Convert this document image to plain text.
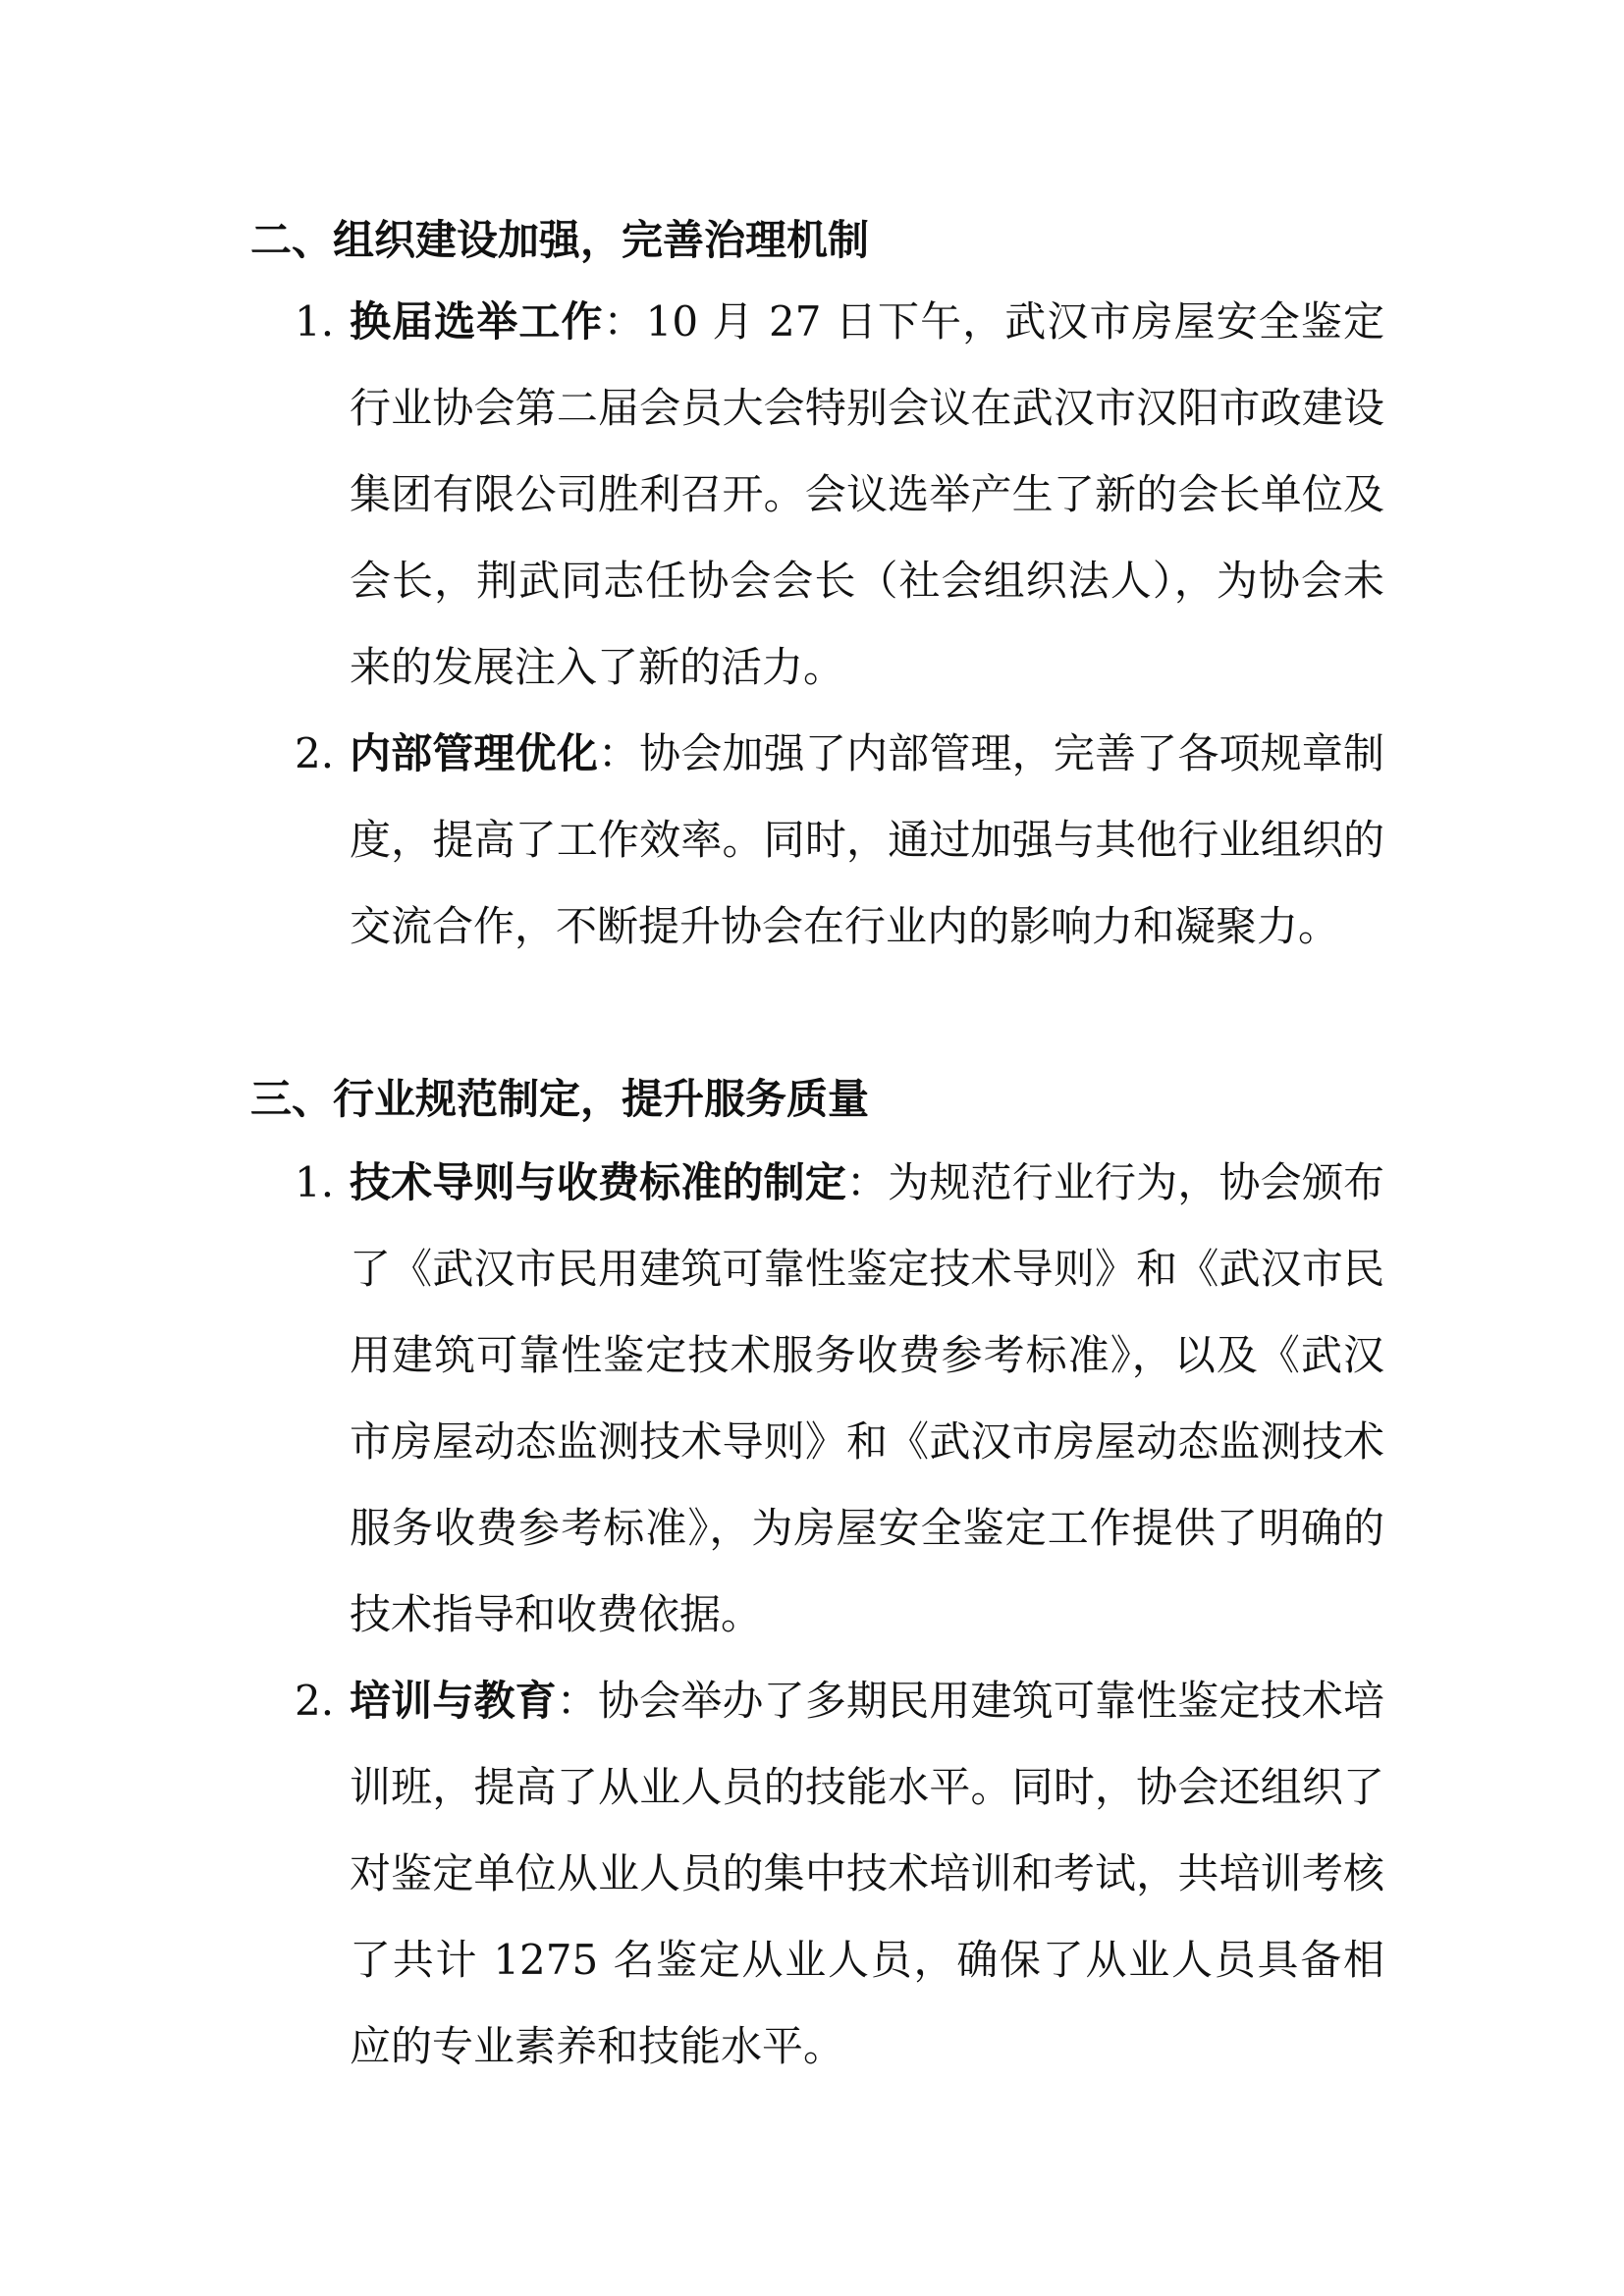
二、组织建设加强，完善治理机制
1. 换届选举工作：10 月 27 日下午，武汉市房屋安全鉴定行业协会第二届会员大会特别会议在武汉市汉阳市政建设集团有限公司胜利召开。会议选举产生了新的会长单位及会长，荆武同志任协会会长（社会组织法人），为协会未来的发展注入了新的活力。
2. 内部管理优化：协会加强了内部管理，完善了各项规章制度，提高了工作效率。同时，通过加强与其他行业组织的交流合作，不断提升协会在行业内的影响力和凝聚力。
三、行业规范制定，提升服务质量
1. 技术导则与收费标准的制定：为规范行业行为，协会颁布了《武汉市民用建筑可靠性鉴定技术导则》和《武汉市民用建筑可靠性鉴定技术服务收费参考标准》，以及《武汉市房屋动态监测技术导则》和《武汉市房屋动态监测技术服务收费参考标准》，为房屋安全鉴定工作提供了明确的技术指导和收费依据。
2. 培训与教育：协会举办了多期民用建筑可靠性鉴定技术培训班，提高了从业人员的技能水平。同时，协会还组织了对鉴定单位从业人员的集中技术培训和考试，共培训考核了共计 1275 名鉴定从业人员，确保了从业人员具备相应的专业素养和技能水平。
